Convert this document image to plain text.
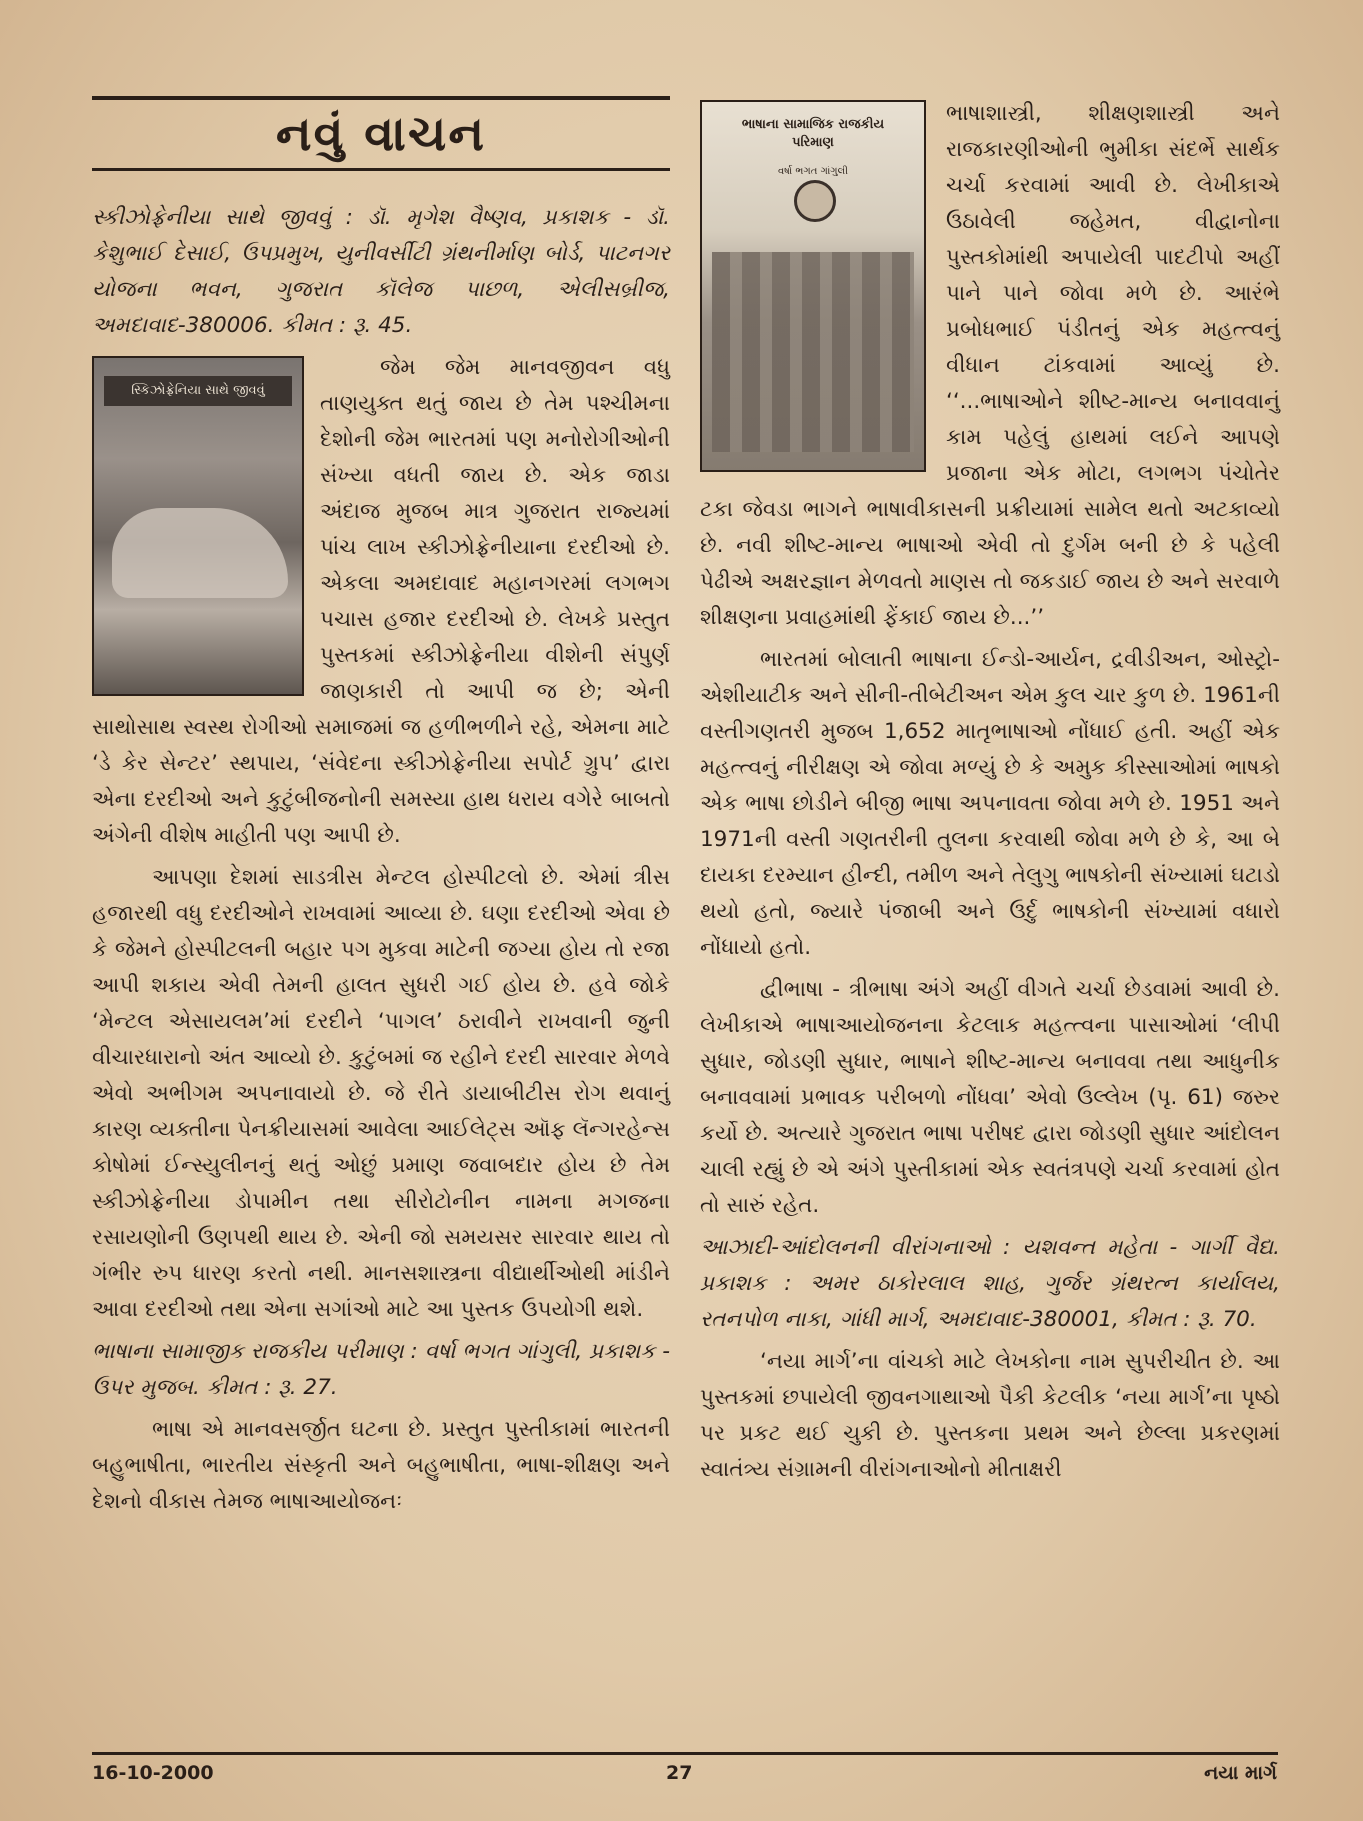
નવું વાચન

સ્કીઝોફ્રેનીયા સાથે જીવવું : ડૉ. મૃગેશ વૈષ્ણવ, પ્રકાશક - ડૉ. કેશુભાઈ દેસાઈ, ઉપપ્રમુખ, યુનીવર્સીટી ગ્રંથનીર્માણ બોર્ડ, પાટનગર યોજના ભવન, ગુજરાત કૉલેજ પાછળ, એલીસબ્રીજ, અમદાવાદ-380006. કીમત : રૂ. 45.

સ્કિઝોફ્રેનિયા સાથે જીવવું

જેમ જેમ માનવજીવન વધુ તાણયુક્ત થતું જાય છે તેમ પશ્ચીમના દેશોની જેમ ભારતમાં પણ મનોરોગીઓની સંખ્યા વધતી જાય છે. એક જાડા અંદાજ મુજબ માત્ર ગુજરાત રાજ્યમાં પાંચ લાખ સ્કીઝોફ્રેનીયાના દરદીઓ છે. એકલા અમદાવાદ મહાનગરમાં લગભગ પચાસ હજાર દરદીઓ છે. લેખકે પ્રસ્તુત પુસ્તકમાં સ્કીઝોફ્રેનીયા વીશેની સંપુર્ણ જાણકારી તો આપી જ છે; એની સાથોસાથ સ્વસ્થ રોગીઓ સમાજમાં જ હળીભળીને રહે, એમના માટે ‘ડે કેર સેન્ટર’ સ્થપાય, ‘સંવેદના સ્કીઝોફ્રેનીયા સપોર્ટ ગ્રુપ’ દ્વારા એના દરદીઓ અને કુટુંબીજનોની સમસ્યા હાથ ધરાય વગેરે બાબતો અંગેની વીશેષ માહીતી પણ આપી છે.

આપણા દેશમાં સાડત્રીસ મેન્ટલ હોસ્પીટલો છે. એમાં ત્રીસ હજારથી વધુ દરદીઓને રાખવામાં આવ્યા છે. ઘણા દરદીઓ એવા છે કે જેમને હોસ્પીટલની બહાર પગ મુકવા માટેની જગ્યા હોય તો રજા આપી શકાય એવી તેમની હાલત સુધરી ગઈ હોય છે. હવે જોકે ‘મેન્ટલ એસાયલમ’માં દરદીને ‘પાગલ’ ઠરાવીને રાખવાની જુની વીચારધારાનો અંત આવ્યો છે. કુટુંબમાં જ રહીને દરદી સારવાર મેળવે એવો અભીગમ અપનાવાયો છે. જે રીતે ડાયાબીટીસ રોગ થવાનું કારણ વ્યક્તીના પેનક્રીયાસમાં આવેલા આઈલેટ્સ ઑફ લૅન્ગરહેન્સ કોષોમાં ઈન્સ્યુલીનનું થતું ઓછું પ્રમાણ જવાબદાર હોય છે તેમ સ્કીઝોફ્રેનીયા ડોપામીન તથા સીરોટોનીન નામના મગજના રસાયણોની ઉણપથી થાય છે. એની જો સમયસર સારવાર થાય તો ગંભીર રુપ ધારણ કરતો નથી. માનસશાસ્ત્રના વીદ્યાર્થીઓથી માંડીને આવા દરદીઓ તથા એના સગાંઓ માટે આ પુસ્તક ઉપયોગી થશે.

ભાષાના સામાજીક રાજકીય પરીમાણ : વર્ષા ભગત ગાંગુલી, પ્રકાશક - ઉપર મુજબ. કીમત : રૂ. 27.

ભાષા એ માનવસર્જીત ઘટના છે. પ્રસ્તુત પુસ્તીકામાં ભારતની બહુભાષીતા, ભારતીય સંસ્કૃતી અને બહુભાષીતા, ભાષા-શીક્ષણ અને દેશનો વીકાસ તેમજ ભાષાઆયોજનઃ

ભાષાના સામાજિક રાજકીય પરિમાણ
વર્ષા ભગત ગાંગુલી

ભાષાશાસ્ત્રી, શીક્ષણશાસ્ત્રી અને રાજકારણીઓની ભુમીકા સંદર્ભે સાર્થક ચર્ચા કરવામાં આવી છે. લેખીકાએ ઉઠાવેલી જહેમત, વીદ્વાનોના પુસ્તકોમાંથી અપાયેલી પાદટીપો અહીં પાને પાને જોવા મળે છે. આરંભે પ્રબોધભાઈ પંડીતનું એક મહત્ત્વનું વીધાન ટાંકવામાં આવ્યું છે. ‘‘...ભાષાઓને શીષ્ટ-માન્ય બનાવવાનું કામ પહેલું હાથમાં લઈને આપણે પ્રજાના એક મોટા, લગભગ પંચોતેર ટકા જેવડા ભાગને ભાષાવીકાસની પ્રક્રીયામાં સામેલ થતો અટકાવ્યો છે. નવી શીષ્ટ-માન્ય ભાષાઓ એવી તો દુર્ગમ બની છે કે પહેલી પેઢીએ અક્ષરજ્ઞાન મેળવતો માણસ તો જકડાઈ જાય છે અને સરવાળે શીક્ષણના પ્રવાહમાંથી ફેંકાઈ જાય છે...’’

ભારતમાં બોલાતી ભાષાના ઈન્ડો-આર્યન, દ્રવીડીઅન, ઓસ્ટ્રો-એશીયાટીક અને સીની-તીબેટીઅન એમ કુલ ચાર કુળ છે. 1961ની વસ્તીગણતરી મુજબ 1,652 માતૃભાષાઓ નોંધાઈ હતી. અહીં એક મહત્ત્વનું નીરીક્ષણ એ જોવા મળ્યું છે કે અમુક કીસ્સાઓમાં ભાષકો એક ભાષા છોડીને બીજી ભાષા અપનાવતા જોવા મળે છે. 1951 અને 1971ની વસ્તી ગણતરીની તુલના કરવાથી જોવા મળે છે કે, આ બે દાયકા દરમ્યાન હીન્દી, તમીળ અને તેલુગુ ભાષકોની સંખ્યામાં ઘટાડો થયો હતો, જ્યારે પંજાબી અને ઉર્દુ ભાષકોની સંખ્યામાં વધારો નોંધાયો હતો.

દ્વીભાષા - ત્રીભાષા અંગે અહીં વીગતે ચર્ચા છેડવામાં આવી છે. લેખીકાએ ભાષાઆયોજનના કેટલાક મહત્ત્વના પાસાઓમાં ‘લીપી સુધાર, જોડણી સુધાર, ભાષાને શીષ્ટ-માન્ય બનાવવા તથા આધુનીક બનાવવામાં પ્રભાવક પરીબળો નોંધવા’ એવો ઉલ્લેખ (પૃ. 61) જરુર કર્યો છે. અત્યારે ગુજરાત ભાષા પરીષદ દ્વારા જોડણી સુધાર આંદોલન ચાલી રહ્યું છે એ અંગે પુસ્તીકામાં એક સ્વતંત્રપણે ચર્ચા કરવામાં હોત તો સારું રહેત.

આઝાદી-આંદોલનની વીરાંગનાઓ : યશવન્ત મહેતા - ગાર્ગી વૈદ્ય. પ્રકાશક : અમર ઠાકોરલાલ શાહ, ગુર્જર ગ્રંથરત્ન કાર્યાલય, રતનપોળ નાકા, ગાંધી માર્ગ, અમદાવાદ-380001, કીમત : રૂ. 70.

‘નયા માર્ગ’ના વાંચકો માટે લેખકોના નામ સુપરીચીત છે. આ પુસ્તકમાં છપાયેલી જીવનગાથાઓ પૈકી કેટલીક ‘નયા માર્ગ’ના પૃષ્ઠો પર પ્રકટ થઈ ચુકી છે. પુસ્તકના પ્રથમ અને છેલ્લા પ્રકરણમાં સ્વાતંત્ર્ય સંગ્રામની વીરાંગનાઓનો મીતાક્ષરી

16-10-2000	27	નયા માર્ગ
